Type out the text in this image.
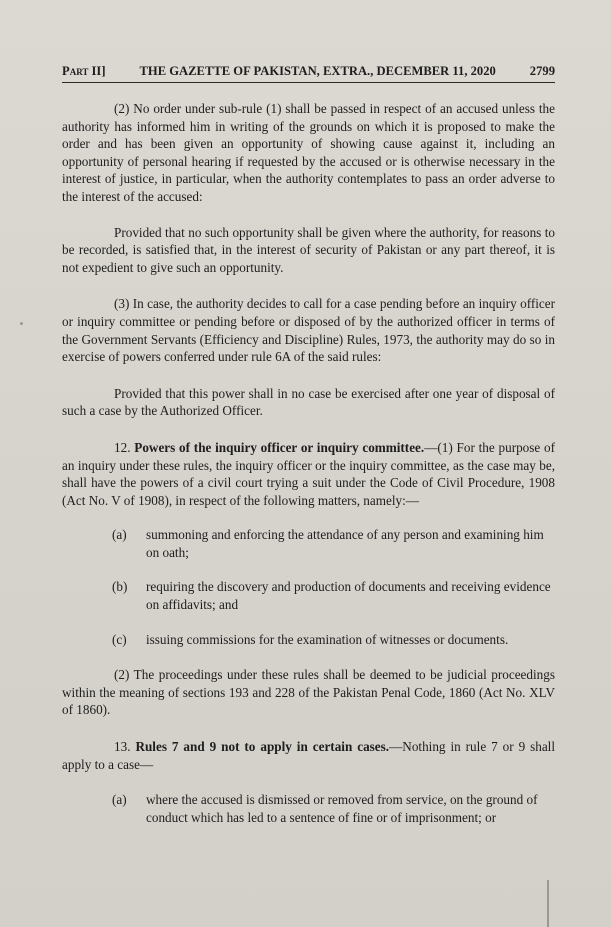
Part II]	THE GAZETTE OF PAKISTAN, EXTRA., DECEMBER 11, 2020	2799

(2) No order under sub-rule (1) shall be passed in respect of an accused unless the authority has informed him in writing of the grounds on which it is proposed to make the order and has been given an opportunity of showing cause against it, including an opportunity of personal hearing if requested by the accused or is otherwise necessary in the interest of justice, in particular, when the authority contemplates to pass an order adverse to the interest of the accused:

Provided that no such opportunity shall be given where the authority, for reasons to be recorded, is satisfied that, in the interest of security of Pakistan or any part thereof, it is not expedient to give such an opportunity.

(3) In case, the authority decides to call for a case pending before an inquiry officer or inquiry committee or pending before or disposed of by the authorized officer in terms of the Government Servants (Efficiency and Discipline) Rules, 1973, the authority may do so in exercise of powers conferred under rule 6A of the said rules:

Provided that this power shall in no case be exercised after one year of disposal of such a case by the Authorized Officer.

12. Powers of the inquiry officer or inquiry committee.—(1) For the purpose of an inquiry under these rules, the inquiry officer or the inquiry committee, as the case may be, shall have the powers of a civil court trying a suit under the Code of Civil Procedure, 1908 (Act No. V of 1908), in respect of the following matters, namely:—

(a)	summoning and enforcing the attendance of any person and examining him on oath;
(b)	requiring the discovery and production of documents and receiving evidence on affidavits; and
(c)	issuing commissions for the examination of witnesses or documents.

(2) The proceedings under these rules shall be deemed to be judicial proceedings within the meaning of sections 193 and 228 of the Pakistan Penal Code, 1860 (Act No. XLV of 1860).

13. Rules 7 and 9 not to apply in certain cases.—Nothing in rule 7 or 9 shall apply to a case—

(a)	where the accused is dismissed or removed from service, on the ground of conduct which has led to a sentence of fine or of imprisonment; or
